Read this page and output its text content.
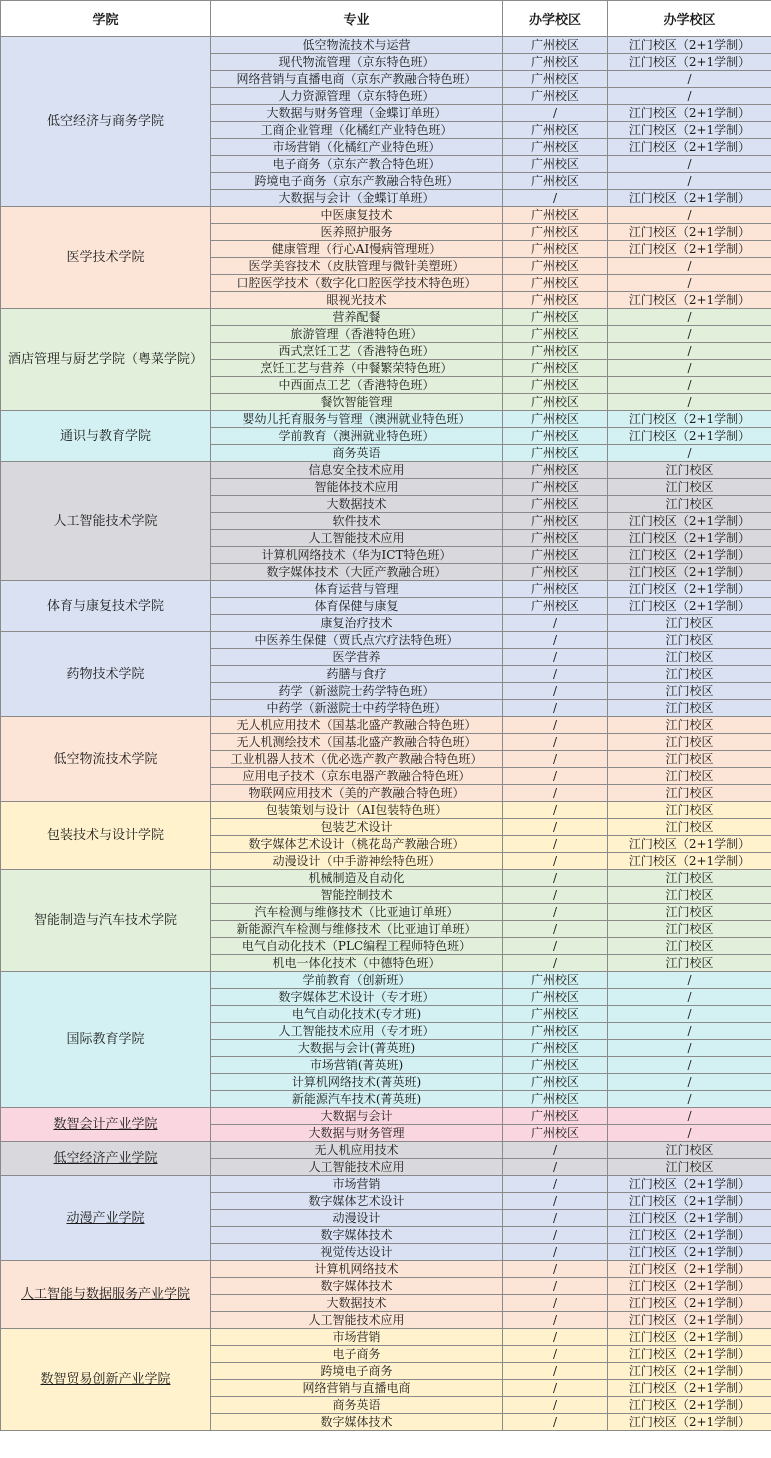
学院	专业	办学校区	办学校区
低空经济与商务学院	低空物流技术与运营	广州校区	江门校区（2+1学制）
	现代物流管理（京东特色班）	广州校区	江门校区（2+1学制）
	网络营销与直播电商（京东产教融合特色班）	广州校区	/
	人力资源管理（京东特色班）	广州校区	/
	大数据与财务管理（金蝶订单班）	/	江门校区（2+1学制）
	工商企业管理（化橘红产业特色班）	广州校区	江门校区（2+1学制）
	市场营销（化橘红产业特色班）	广州校区	江门校区（2+1学制）
	电子商务（京东产教合特色班）	广州校区	/
	跨境电子商务（京东产教融合特色班）	广州校区	/
	大数据与会计（金蝶订单班）	/	江门校区（2+1学制）
医学技术学院	中医康复技术	广州校区	/
	医养照护服务	广州校区	江门校区（2+1学制）
	健康管理（行心AI慢病管理班）	广州校区	江门校区（2+1学制）
	医学美容技术（皮肤管理与微针美塑班）	广州校区	/
	口腔医学技术（数字化口腔医学技术特色班）	广州校区	/
	眼视光技术	广州校区	江门校区（2+1学制）
酒店管理与厨艺学院（粤菜学院）	营养配餐	广州校区	/
	旅游管理（香港特色班）	广州校区	/
	西式烹饪工艺（香港特色班）	广州校区	/
	烹饪工艺与营养（中餐繁荣特色班）	广州校区	/
	中西面点工艺（香港特色班）	广州校区	/
	餐饮智能管理	广州校区	/
通识与教育学院	婴幼儿托育服务与管理（澳洲就业特色班）	广州校区	江门校区（2+1学制）
	学前教育（澳洲就业特色班）	广州校区	江门校区（2+1学制）
	商务英语	广州校区	/
人工智能技术学院	信息安全技术应用	广州校区	江门校区
	智能体技术应用	广州校区	江门校区
	大数据技术	广州校区	江门校区
	软件技术	广州校区	江门校区（2+1学制）
	人工智能技术应用	广州校区	江门校区（2+1学制）
	计算机网络技术（华为ICT特色班）	广州校区	江门校区（2+1学制）
	数字媒体技术（大匠产教融合班）	广州校区	江门校区（2+1学制）
体育与康复技术学院	体育运营与管理	广州校区	江门校区（2+1学制）
	体育保健与康复	广州校区	江门校区（2+1学制）
	康复治疗技术	/	江门校区
药物技术学院	中医养生保健（贾氏点穴疗法特色班）	/	江门校区
	医学营养	/	江门校区
	药膳与食疗	/	江门校区
	药学（新滋院士药学特色班）	/	江门校区
	中药学（新滋院士中药学特色班）	/	江门校区
低空物流技术学院	无人机应用技术（国基北盛产教融合特色班）	/	江门校区
	无人机测绘技术（国基北盛产教融合特色班）	/	江门校区
	工业机器人技术（优必选产教产教融合特色班）	/	江门校区
	应用电子技术（京东电器产教融合特色班）	/	江门校区
	物联网应用技术（美的产教融合特色班）	/	江门校区
包装技术与设计学院	包装策划与设计（AI包装特色班）	/	江门校区
	包装艺术设计	/	江门校区
	数字媒体艺术设计（桃花岛产教融合班）	/	江门校区（2+1学制）
	动漫设计（中手游神绘特色班）	/	江门校区（2+1学制）
智能制造与汽车技术学院	机械制造及自动化	/	江门校区
	智能控制技术	/	江门校区
	汽车检测与维修技术（比亚迪订单班）	/	江门校区
	新能源汽车检测与维修技术（比亚迪订单班）	/	江门校区
	电气自动化技术（PLC编程工程师特色班）	/	江门校区
	机电一体化技术（中德特色班）	/	江门校区
国际教育学院	学前教育（创新班）	广州校区	/
	数字媒体艺术设计（专才班）	广州校区	/
	电气自动化技术(专才班)	广州校区	/
	人工智能技术应用（专才班）	广州校区	/
	大数据与会计(菁英班)	广州校区	/
	市场营销(菁英班)	广州校区	/
	计算机网络技术(菁英班)	广州校区	/
	新能源汽车技术(菁英班)	广州校区	/
数智会计产业学院	大数据与会计	广州校区	/
	大数据与财务管理	广州校区	/
低空经济产业学院	无人机应用技术	/	江门校区
	人工智能技术应用	/	江门校区
动漫产业学院	市场营销	/	江门校区（2+1学制）
	数字媒体艺术设计	/	江门校区（2+1学制）
	动漫设计	/	江门校区（2+1学制）
	数字媒体技术	/	江门校区（2+1学制）
	视觉传达设计	/	江门校区（2+1学制）
人工智能与数据服务产业学院	计算机网络技术	/	江门校区（2+1学制）
	数字媒体技术	/	江门校区（2+1学制）
	大数据技术	/	江门校区（2+1学制）
	人工智能技术应用	/	江门校区（2+1学制）
数智贸易创新产业学院	市场营销	/	江门校区（2+1学制）
	电子商务	/	江门校区（2+1学制）
	跨境电子商务	/	江门校区（2+1学制）
	网络营销与直播电商	/	江门校区（2+1学制）
	商务英语	/	江门校区（2+1学制）
	数字媒体技术	/	江门校区（2+1学制）
